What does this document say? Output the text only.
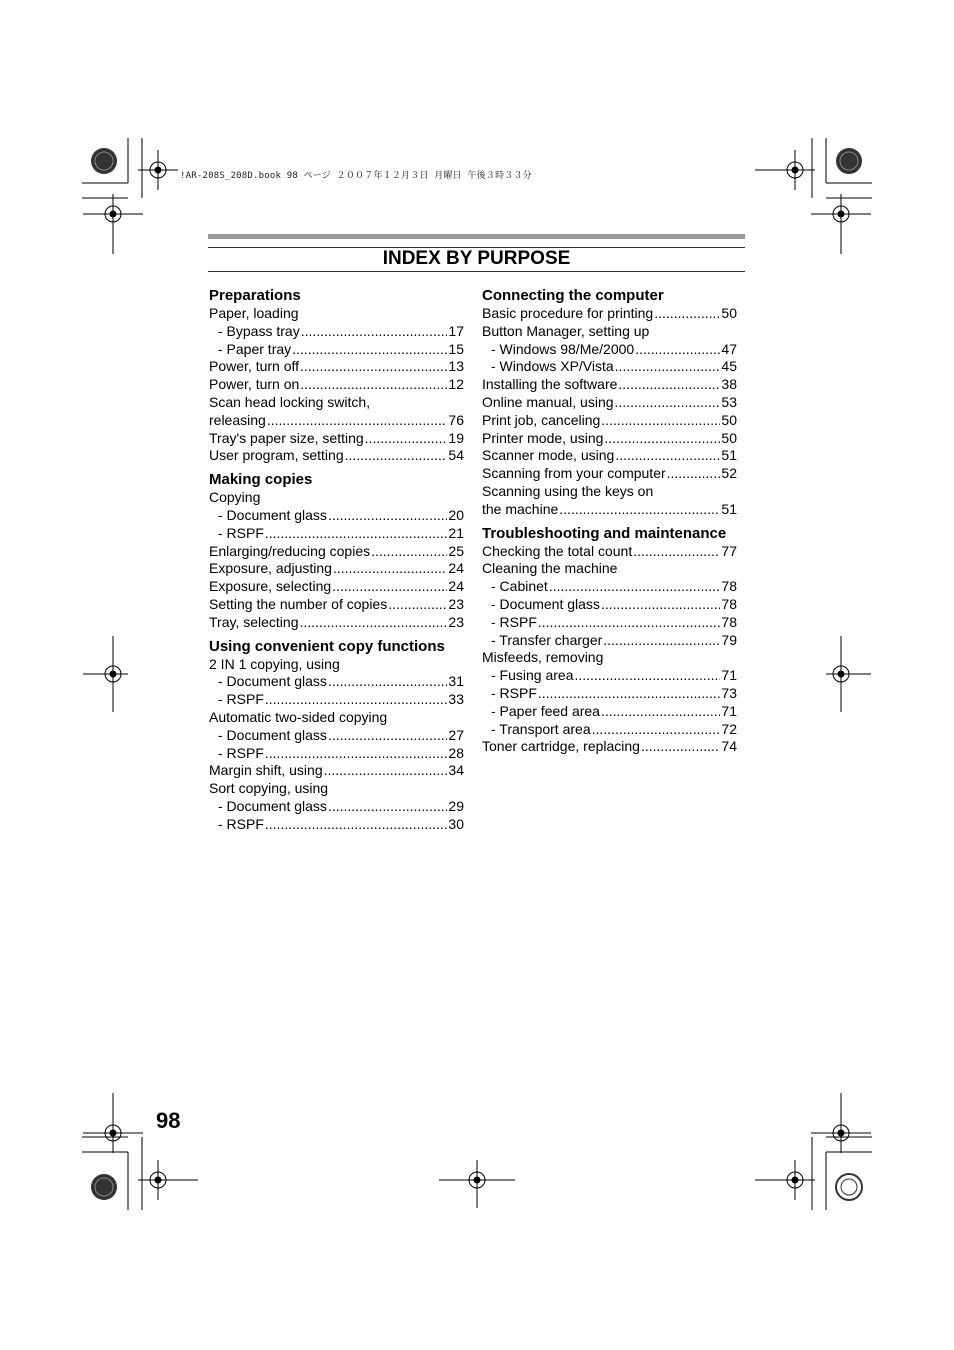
!AR-208S_208D.book 98 ページ ２００７年１２月３日 月曜日 午後３時３３分
INDEX BY PURPOSE
Preparations
Paper, loading
- Bypass tray .....	17
- Paper tray .....	15
Power, turn off .....	13
Power, turn on .....	12
Scan head locking switch,
releasing .....	76
Tray's paper size, setting .....	19
User program, setting .....	54
Making copies
Copying
- Document glass .....	20
- RSPF .....	21
Enlarging/reducing copies .....	25
Exposure, adjusting .....	24
Exposure, selecting .....	24
Setting the number of copies .....	23
Tray, selecting .....	23
Using convenient copy functions
2 IN 1 copying, using
- Document glass .....	31
- RSPF .....	33
Automatic two-sided copying
- Document glass .....	27
- RSPF .....	28
Margin shift, using .....	34
Sort copying, using
- Document glass .....	29
- RSPF .....	30
Connecting the computer
Basic procedure for printing .....	50
Button Manager, setting up
- Windows 98/Me/2000 .....	47
- Windows XP/Vista .....	45
Installing the software .....	38
Online manual, using .....	53
Print job, canceling .....	50
Printer mode, using .....	50
Scanner mode, using .....	51
Scanning from your computer .....	52
Scanning using the keys on
the machine .....	51
Troubleshooting and maintenance
Checking the total count .....	77
Cleaning the machine
- Cabinet .....	78
- Document glass .....	78
- RSPF .....	78
- Transfer charger .....	79
Misfeeds, removing
- Fusing area .....	71
- RSPF .....	73
- Paper feed area .....	71
- Transport area .....	72
Toner cartridge, replacing .....	74
98
